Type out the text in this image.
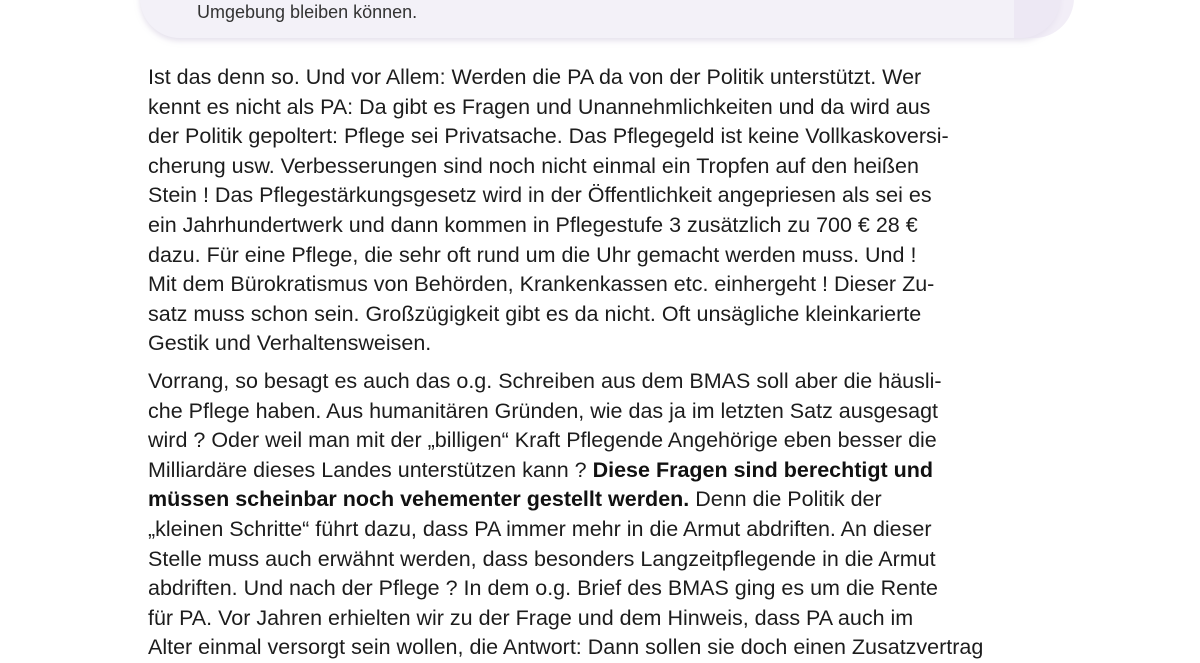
Umgebung bleiben können.
Ist das denn so. Und vor Allem: Werden die PA da von der Politik unterstützt. Wer
kennt es nicht als PA: Da gibt es Fragen und Unannehmlichkeiten und da wird aus
der Politik gepoltert: Pflege sei Privatsache. Das Pflegegeld ist keine Vollkaskoversi-
cherung usw. Verbesserungen sind noch nicht einmal ein Tropfen auf den heißen
Stein ! Das Pflegestärkungsgesetz wird in der Öffentlichkeit angepriesen als sei es
ein Jahrhundertwerk und dann kommen in Pflegestufe 3 zusätzlich zu 700 € 28 €
dazu. Für eine Pflege, die sehr oft rund um die Uhr gemacht werden muss. Und !
Mit dem Bürokratismus von Behörden, Krankenkassen etc. einhergeht ! Dieser Zu-
satz muss schon sein. Großzügigkeit gibt es da nicht. Oft unsägliche kleinkarierte
Gestik und Verhaltensweisen.
Vorrang, so besagt es auch das o.g. Schreiben aus dem BMAS soll aber die häusli-
che Pflege haben. Aus humanitären Gründen, wie das ja im letzten Satz ausgesagt
wird ? Oder weil man mit der „billigen“ Kraft Pflegende Angehörige eben besser die
Milliardäre dieses Landes unterstützen kann ? Diese Fragen sind berechtigt und
müssen scheinbar noch vehementer gestellt werden. Denn die Politik der
„kleinen Schritte“ führt dazu, dass PA immer mehr in die Armut abdriften. An dieser
Stelle muss auch erwähnt werden, dass besonders Langzeitpflegende in die Armut
abdriften. Und nach der Pflege ? In dem o.g. Brief des BMAS ging es um die Rente
für PA. Vor Jahren erhielten wir zu der Frage und dem Hinweis, dass PA auch im
Alter einmal versorgt sein wollen, die Antwort: Dann sollen sie doch einen Zusatzvertrag
